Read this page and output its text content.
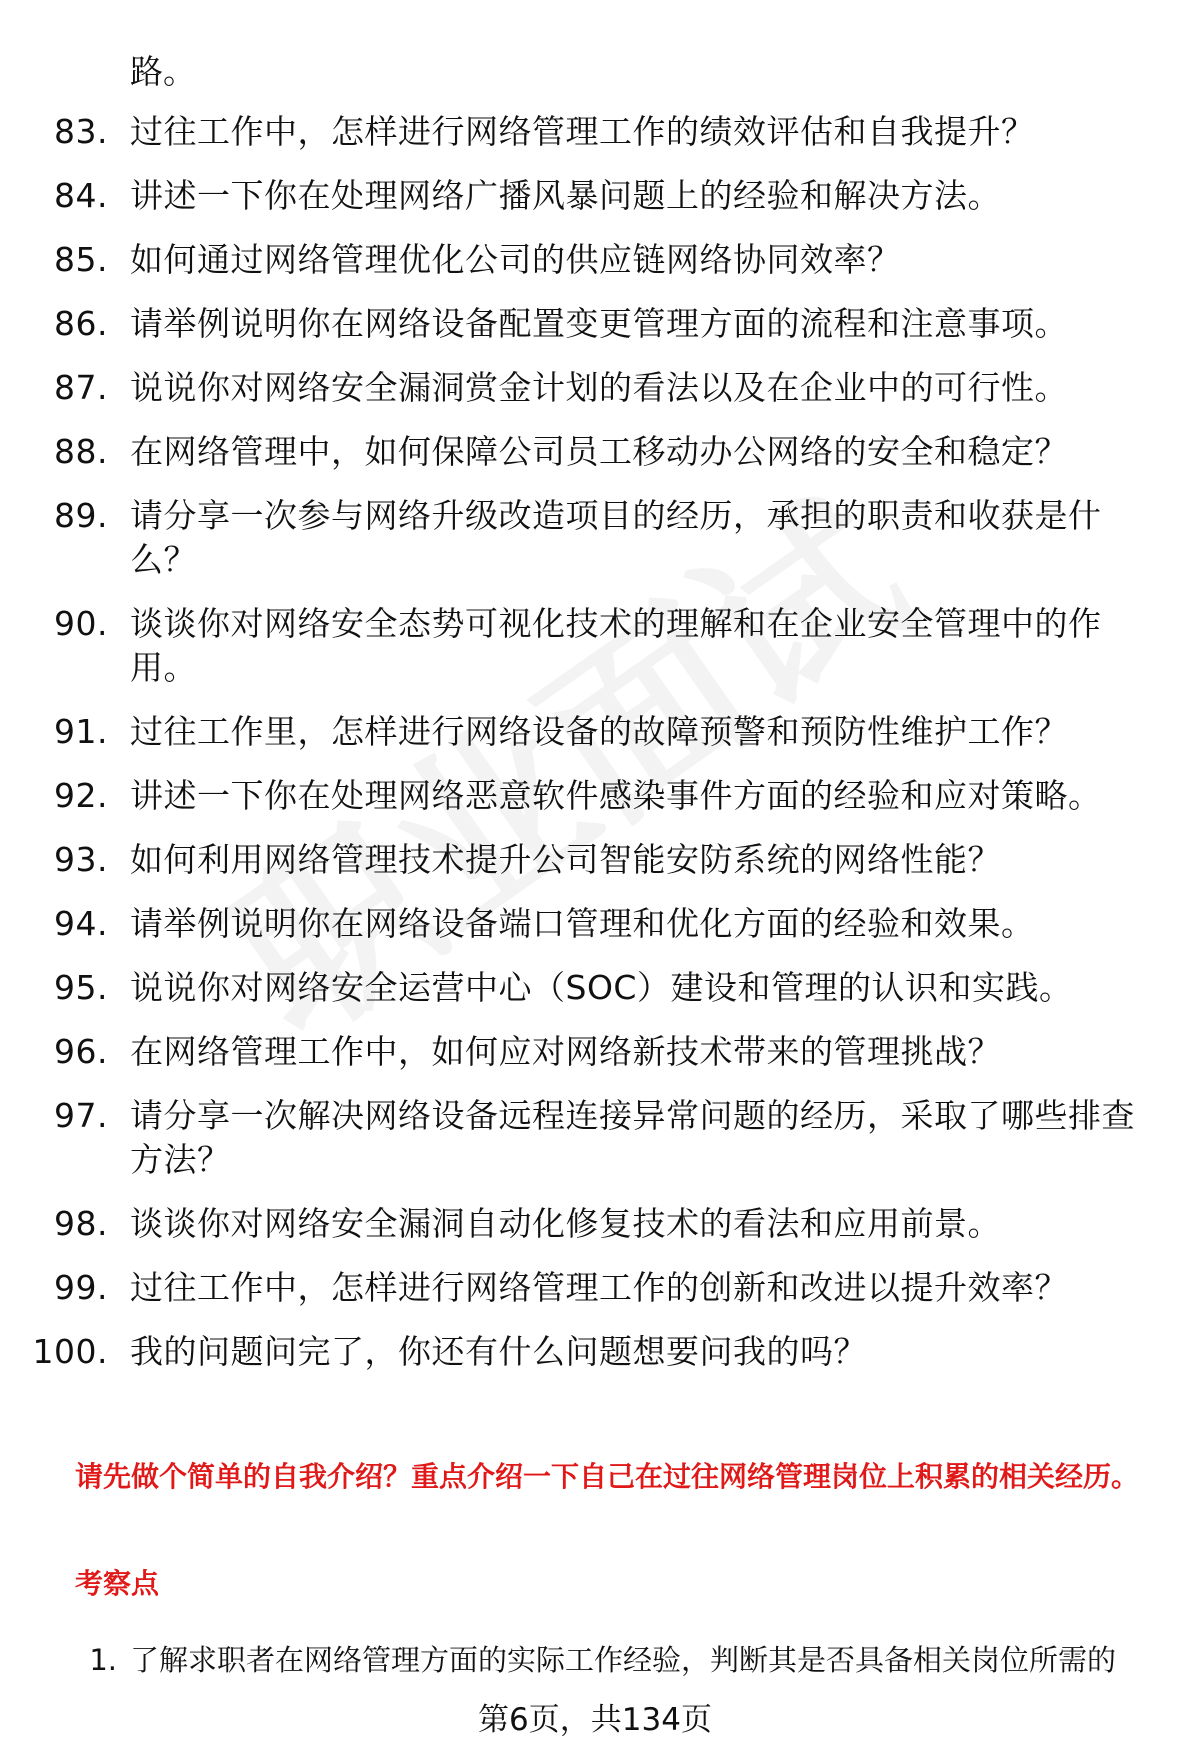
路。
83. 过往工作中，怎样进行网络管理工作的绩效评估和自我提升？
84. 讲述一下你在处理网络广播风暴问题上的经验和解决方法。
85. 如何通过网络管理优化公司的供应链网络协同效率？
86. 请举例说明你在网络设备配置变更管理方面的流程和注意事项。
87. 说说你对网络安全漏洞赏金计划的看法以及在企业中的可行性。
88. 在网络管理中，如何保障公司员工移动办公网络的安全和稳定？
89. 请分享一次参与网络升级改造项目的经历，承担的职责和收获是什么？
90. 谈谈你对网络安全态势可视化技术的理解和在企业安全管理中的作用。
91. 过往工作里，怎样进行网络设备的故障预警和预防性维护工作？
92. 讲述一下你在处理网络恶意软件感染事件方面的经验和应对策略。
93. 如何利用网络管理技术提升公司智能安防系统的网络性能？
94. 请举例说明你在网络设备端口管理和优化方面的经验和效果。
95. 说说你对网络安全运营中心（SOC）建设和管理的认识和实践。
96. 在网络管理工作中，如何应对网络新技术带来的管理挑战？
97. 请分享一次解决网络设备远程连接异常问题的经历，采取了哪些排查方法？
98. 谈谈你对网络安全漏洞自动化修复技术的看法和应用前景。
99. 过往工作中，怎样进行网络管理工作的创新和改进以提升效率？
100. 我的问题问完了，你还有什么问题想要问我的吗？
请先做个简单的自我介绍？重点介绍一下自己在过往网络管理岗位上积累的相关经历。
考察点
1. 了解求职者在网络管理方面的实际工作经验，判断其是否具备相关岗位所需的
第6页，共134页
